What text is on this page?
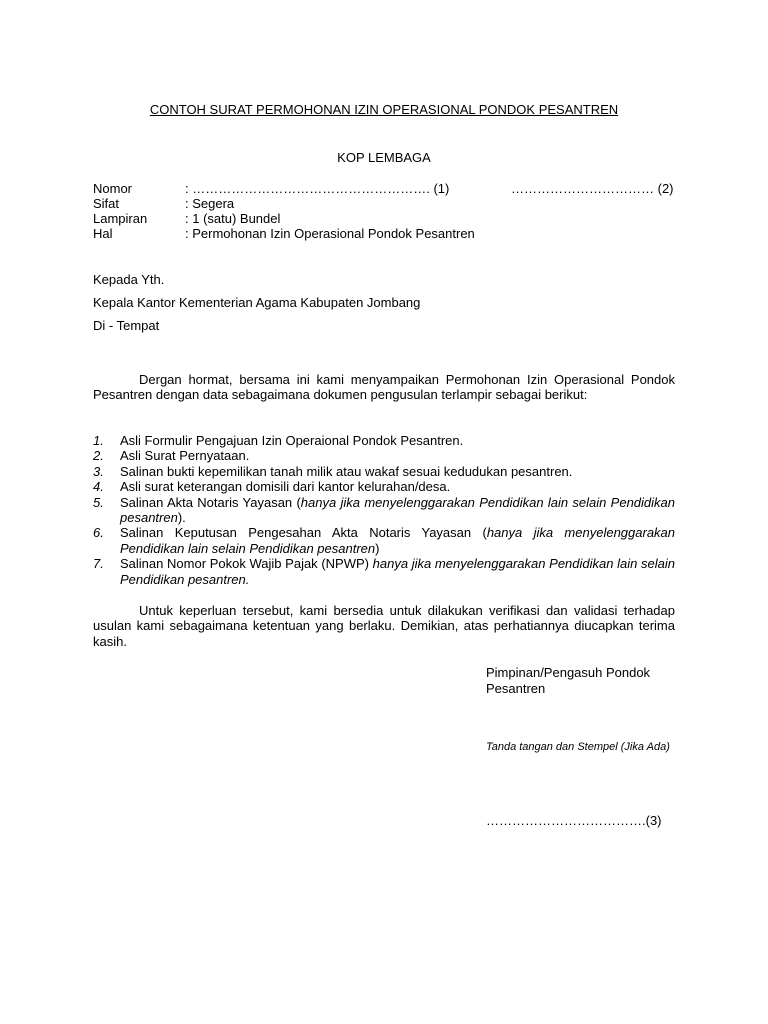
CONTOH SURAT PERMOHONAN IZIN OPERASIONAL PONDOK PESANTREN
KOP LEMBAGA
Nomor	: ………………………………………………. (1)	…………………………… (2)
Sifat	: Segera
Lampiran	: 1 (satu) Bundel
Hal	: Permohonan Izin Operasional Pondok Pesantren
Kepada Yth.
Kepala Kantor Kementerian Agama Kabupaten Jombang
Di - Tempat

Dergan hormat, bersama ini kami menyampaikan Permohonan Izin Operasional Pondok Pesantren dengan data sebagaimana dokumen pengusulan terlampir sebagai berikut:

1. Asli Formulir Pengajuan Izin Operaional Pondok Pesantren.
2. Asli Surat Pernyataan.
3. Salinan bukti kepemilikan tanah milik atau wakaf sesuai kedudukan pesantren.
4. Asli surat keterangan domisili dari kantor kelurahan/desa.
5. Salinan Akta Notaris Yayasan (hanya jika menyelenggarakan Pendidikan lain selain Pendidikan pesantren).
6. Salinan Keputusan Pengesahan Akta Notaris Yayasan (hanya jika menyelenggarakan Pendidikan lain selain Pendidikan pesantren)
7. Salinan Nomor Pokok Wajib Pajak (NPWP) hanya jika menyelenggarakan Pendidikan lain selain Pendidikan pesantren.

Untuk keperluan tersebut, kami bersedia untuk dilakukan verifikasi dan validasi terhadap usulan kami sebagaimana ketentuan yang berlaku. Demikian, atas perhatiannya diucapkan terima kasih.

Pimpinan/Pengasuh Pondok Pesantren
Tanda tangan dan Stempel (Jika Ada)
……………………………….(3)
